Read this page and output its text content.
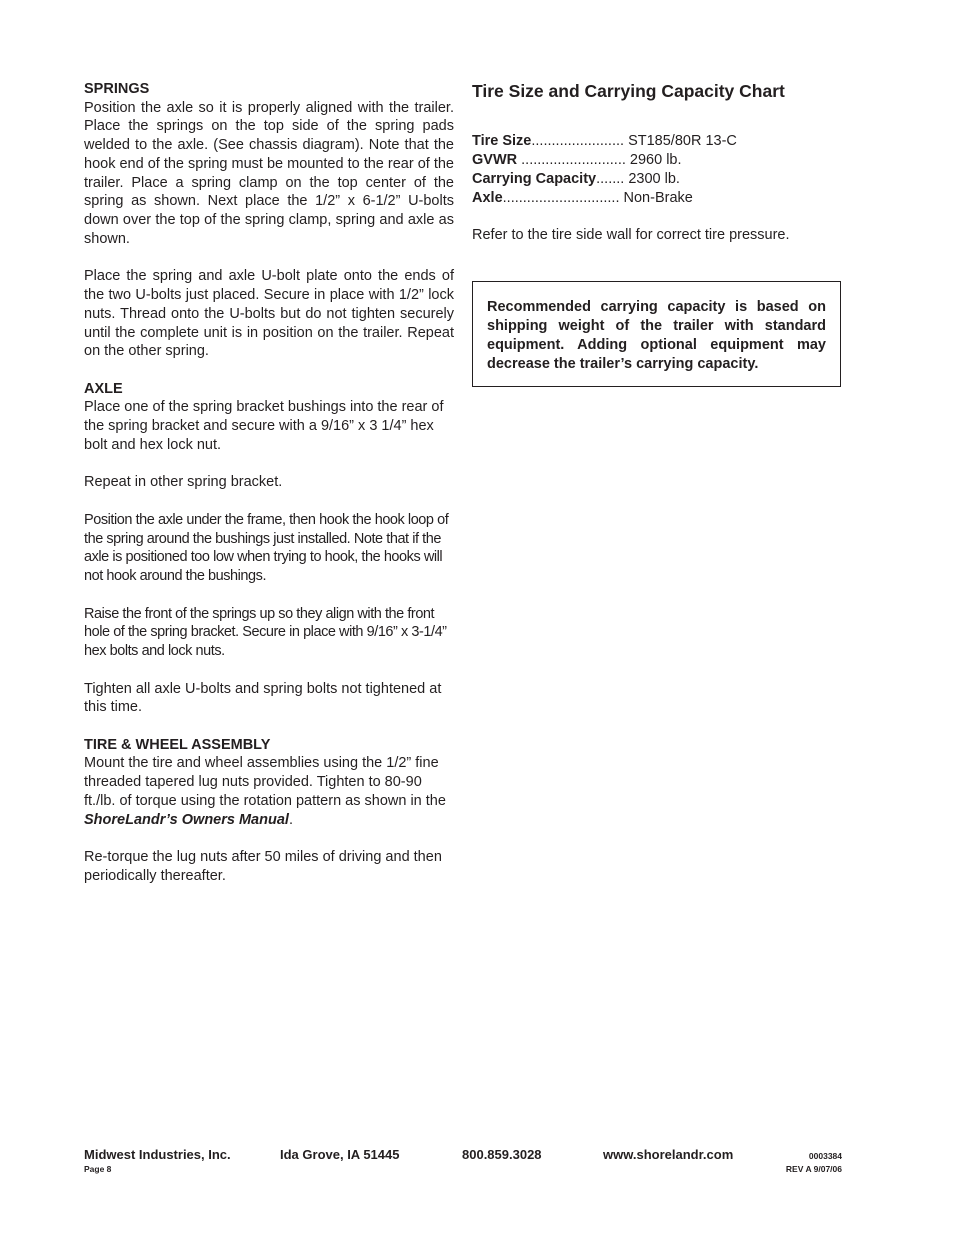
SPRINGS

Position the axle so it is properly aligned with the trailer. Place the springs on the top side of the spring pads welded to the axle. (See chassis diagram). Note that the hook end of the spring must be mounted to the rear of the trailer. Place a spring clamp on the top center of the spring as shown. Next place the 1/2” x 6-1/2” U-bolts down over the top of the spring clamp, spring and axle as shown.

Place the spring and axle U-bolt plate onto the ends of the two U-bolts just placed. Secure in place with 1/2” lock nuts. Thread onto the U-bolts but do not tighten securely until the complete unit is in position on the trailer. Repeat on the other spring.

AXLE

Place one of the spring bracket bushings into the rear of the spring bracket and secure with a 9/16” x 3 1/4” hex bolt and hex lock nut.

Repeat in other spring bracket.

Position the axle under the frame, then hook the hook loop of the spring around the bushings just installed. Note that if the axle is positioned too low when trying to hook, the hooks will not hook around the bushings.

Raise the front of the springs up so they align with the front hole of the spring bracket. Secure in place with 9/16” x 3-1/4” hex bolts and lock nuts.

Tighten all axle U-bolts and spring bolts not tightened at this time.

TIRE & WHEEL ASSEMBLY

Mount the tire and wheel assemblies using the 1/2” fine threaded tapered lug nuts provided. Tighten to 80-90 ft./lb. of torque using the rotation pattern as shown in the ShoreLandr’s Owners Manual.

Re-torque the lug nuts after 50 miles of driving and then periodically thereafter.

Tire Size and Carrying Capacity Chart

Tire Size....................... ST185/80R 13-C
GVWR .......................... 2960 lb.
Carrying Capacity....... 2300 lb.
Axle............................. Non-Brake

Refer to the tire side wall for correct tire pressure.

Recommended carrying capacity is based on shipping weight of the trailer with standard equipment. Adding optional equipment may decrease the trailer’s carrying capacity.

Midwest Industries, Inc.	Ida Grove, IA 51445	800.859.3028	www.shorelandr.com	0003384
Page 8	REV A 9/07/06
